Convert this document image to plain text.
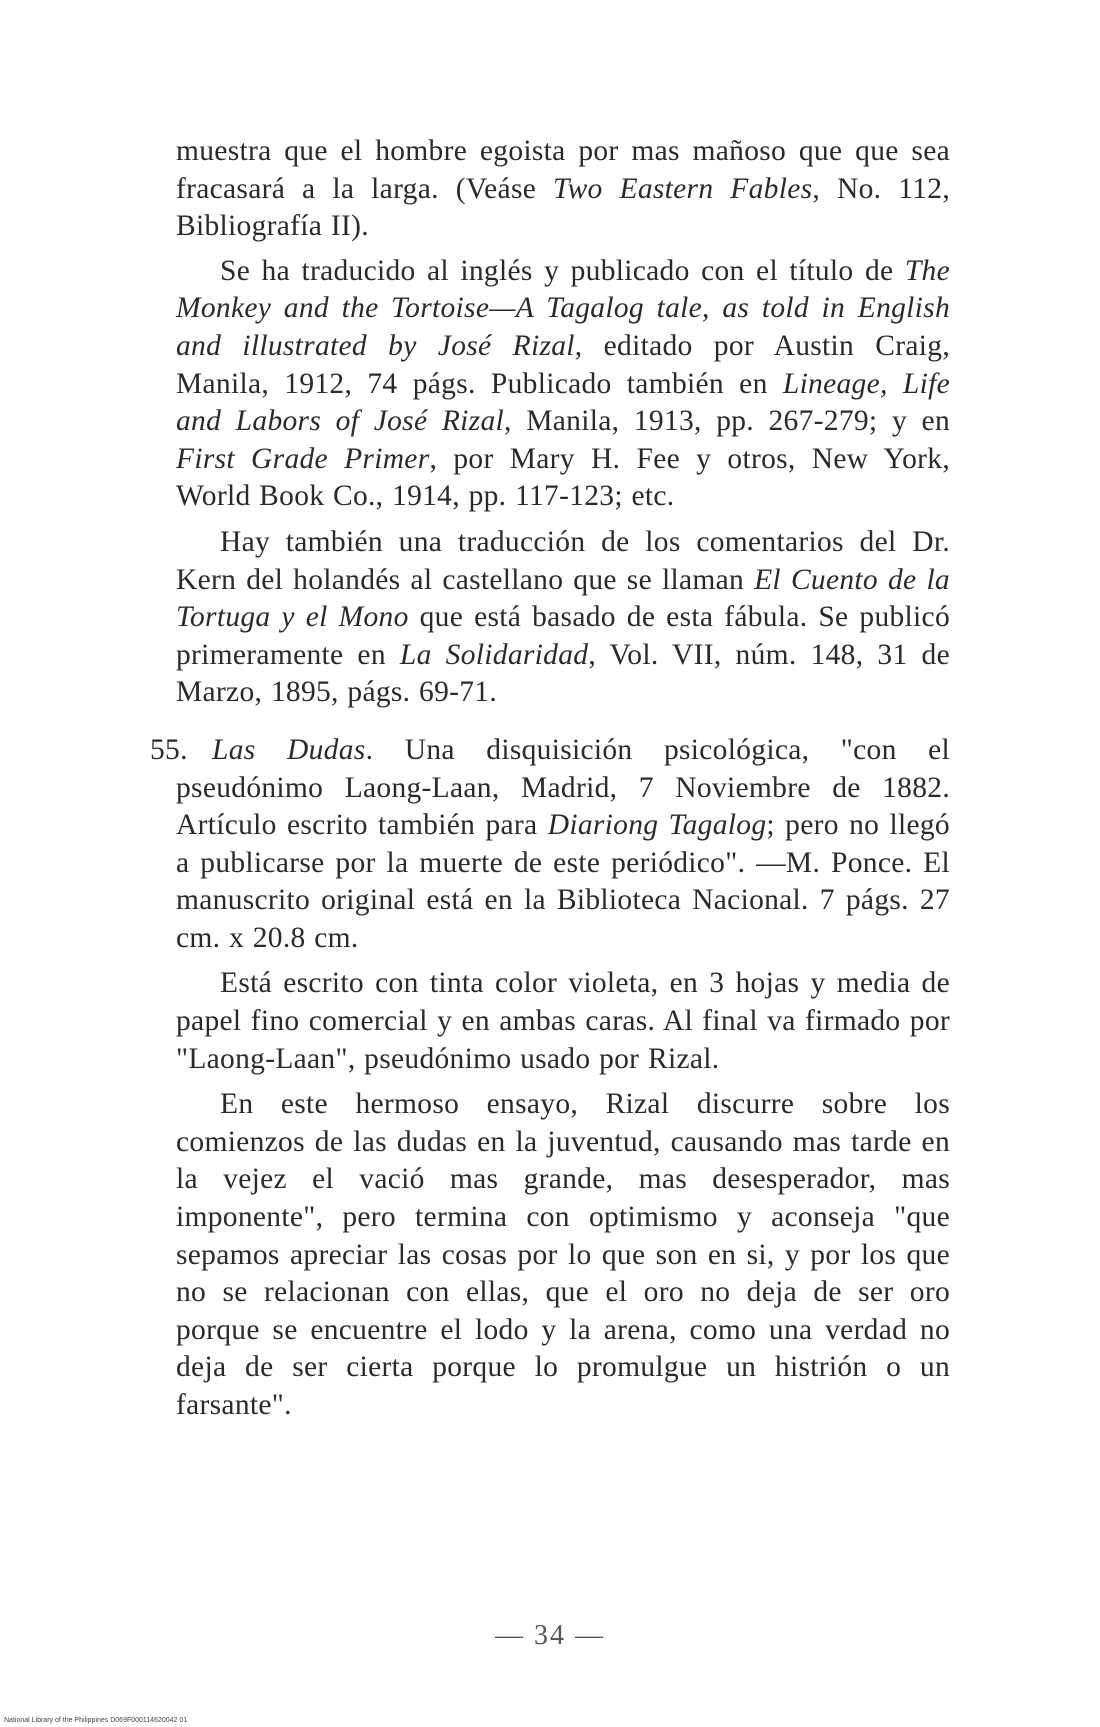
muestra que el hombre egoista por mas mañoso que que sea fracasará a la larga. (Veáse Two Eastern Fables, No. 112, Bibliografía II).

Se ha traducido al inglés y publicado con el título de The Monkey and the Tortoise—A Tagalog tale, as told in English and illustrated by José Rizal, editado por Austin Craig, Manila, 1912, 74 págs. Publicado también en Lineage, Life and Labors of José Rizal, Manila, 1913, pp. 267-279; y en First Grade Primer, por Mary H. Fee y otros, New York, World Book Co., 1914, pp. 117-123; etc.

Hay también una traducción de los comentarios del Dr. Kern del holandés al castellano que se llaman El Cuento de la Tortuga y el Mono que está basado de esta fábula. Se publicó primeramente en La Solidaridad, Vol. VII, núm. 148, 31 de Marzo, 1895, págs. 69-71.

55. Las Dudas. Una disquisición psicológica, "con el pseudónimo Laong-Laan, Madrid, 7 Noviembre de 1882. Artículo escrito también para Diariong Tagalog; pero no llegó a publicarse por la muerte de este periódico". —M. Ponce. El manuscrito original está en la Biblioteca Nacional. 7 págs. 27 cm. x 20.8 cm.

Está escrito con tinta color violeta, en 3 hojas y media de papel fino comercial y en ambas caras. Al final va firmado por "Laong-Laan", pseudónimo usado por Rizal.

En este hermoso ensayo, Rizal discurre sobre los comienzos de las dudas en la juventud, causando mas tarde en la vejez el vació mas grande, mas desesperador, mas imponente", pero termina con optimismo y aconseja "que sepamos apreciar las cosas por lo que son en si, y por los que no se relacionan con ellas, que el oro no deja de ser oro porque se encuentre el lodo y la arena, como una verdad no deja de ser cierta porque lo promulgue un histrión o un farsante".

— 34 —
National Library of the Philippines D069F000114620042 01
